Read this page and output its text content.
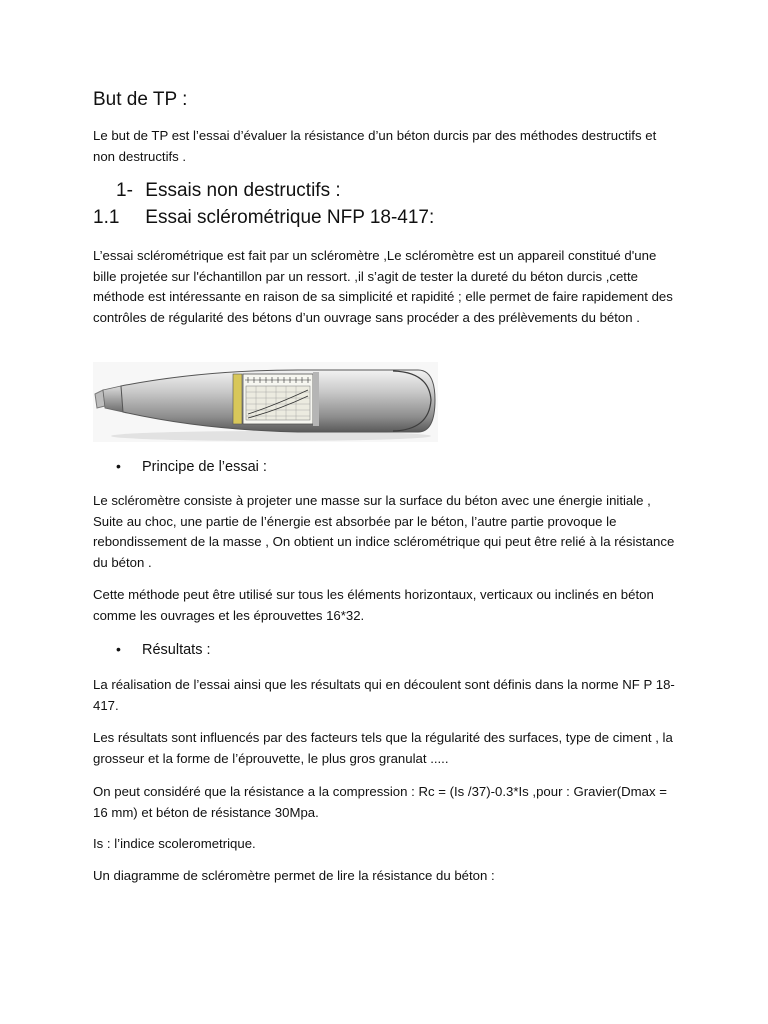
But de TP :

Le but de TP est l’essai d’évaluer la résistance d’un béton durcis par des méthodes destructifs et non destructifs .

1- Essais non destructifs :
1.1 Essai sclérométrique NFP 18-417:

L’essai sclérométrique est fait par un scléromètre ,Le scléromètre est un appareil constitué d'une bille projetée sur l'échantillon par un ressort. ,il s’agit de tester la dureté du béton durcis ,cette méthode est intéressante en raison de sa simplicité et rapidité ; elle permet de faire rapidement des contrôles de régularité des bétons d’un ouvrage sans procéder a des prélèvements du béton .

• Principe de l’essai :

Le scléromètre consiste à projeter une masse sur la surface du béton avec une énergie initiale , Suite au choc, une partie de l’énergie est absorbée par le béton, l’autre partie provoque le rebondissement de la masse , On obtient un indice sclérométrique qui peut être relié à la résistance du béton .

Cette méthode peut être utilisé sur tous les éléments horizontaux, verticaux ou inclinés en béton comme les ouvrages et les éprouvettes 16*32.

• Résultats :

La réalisation de l’essai ainsi que les résultats qui en découlent sont définis dans la norme NF P 18-417.

Les résultats sont influencés par des facteurs tels que la régularité des surfaces, type de ciment , la grosseur et la forme de l’éprouvette, le plus gros granulat .....

On peut considéré que la résistance a la compression : Rc = (Is /37)-0.3*Is ,pour : Gravier(Dmax = 16 mm) et béton de résistance 30Mpa.

Is : l’indice scolerometrique.

Un diagramme de scléromètre permet de lire la résistance du béton :
